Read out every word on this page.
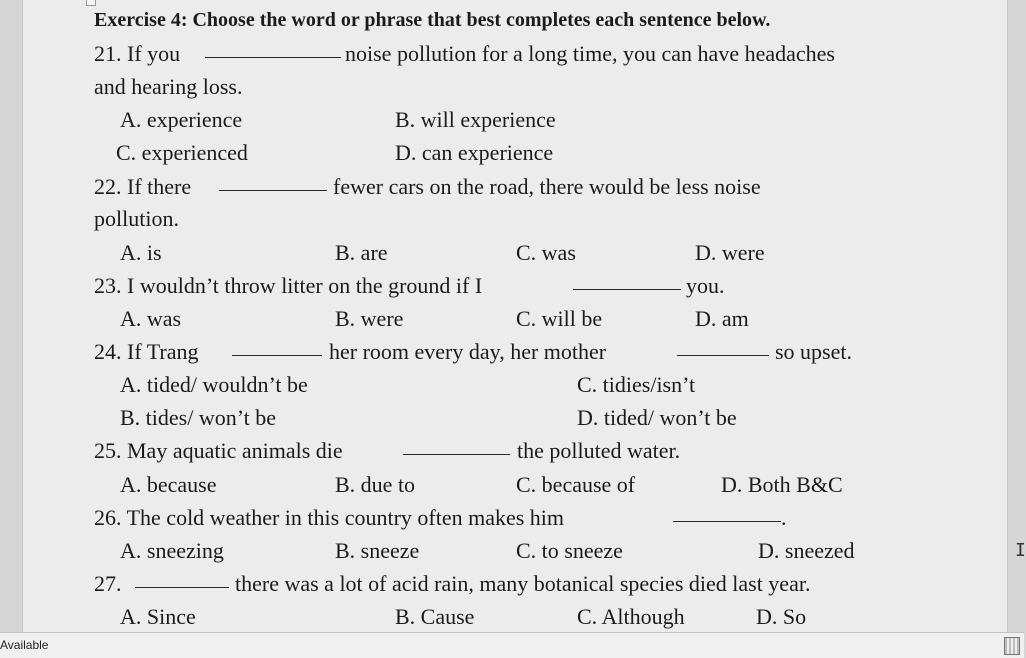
Exercise 4: Choose the word or phrase that best completes each sentence below.
21. If you	noise pollution for a long time, you can have headaches
and hearing loss.
A. experience	B. will experience
C. experienced	D. can experience
22. If there	fewer cars on the road, there would be less noise
pollution.
A. is	B. are	C. was	D. were
23. I wouldn’t throw litter on the ground if I	you.
A. was	B. were	C. will be	D. am
24. If Trang	her room every day, her mother	so upset.
A. tided/ wouldn’t be	C. tidies/isn’t
B. tides/ won’t be	D. tided/ won’t be
25. May aquatic animals die	the polluted water.
A. because	B. due to	C. because of	D. Both B&C
26. The cold weather in this country often makes him	.
A. sneezing	B. sneeze	C. to sneeze	D. sneezed
27.	there was a lot of acid rain, many botanical species died last year.
A. Since	B. Cause	C. Although	D. So
I
Available
